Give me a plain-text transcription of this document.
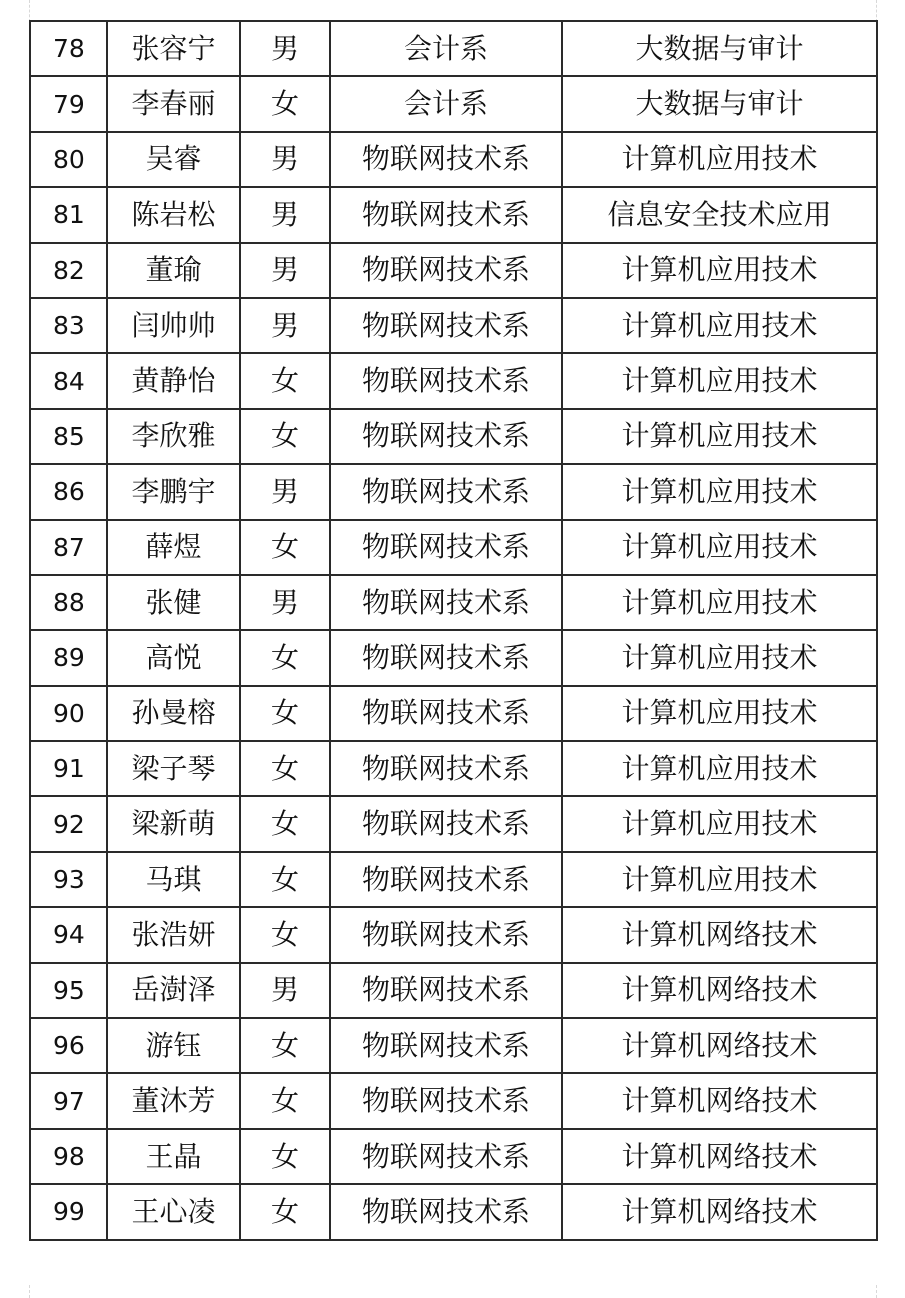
78	张容宁	男	会计系	大数据与审计
79	李春丽	女	会计系	大数据与审计
80	吴睿	男	物联网技术系	计算机应用技术
81	陈岩松	男	物联网技术系	信息安全技术应用
82	董瑜	男	物联网技术系	计算机应用技术
83	闫帅帅	男	物联网技术系	计算机应用技术
84	黄静怡	女	物联网技术系	计算机应用技术
85	李欣雅	女	物联网技术系	计算机应用技术
86	李鹏宇	男	物联网技术系	计算机应用技术
87	薛煜	女	物联网技术系	计算机应用技术
88	张健	男	物联网技术系	计算机应用技术
89	高悦	女	物联网技术系	计算机应用技术
90	孙曼榕	女	物联网技术系	计算机应用技术
91	梁子琴	女	物联网技术系	计算机应用技术
92	梁新萌	女	物联网技术系	计算机应用技术
93	马琪	女	物联网技术系	计算机应用技术
94	张浩妍	女	物联网技术系	计算机网络技术
95	岳澍泽	男	物联网技术系	计算机网络技术
96	游钰	女	物联网技术系	计算机网络技术
97	董沐芳	女	物联网技术系	计算机网络技术
98	王晶	女	物联网技术系	计算机网络技术
99	王心凌	女	物联网技术系	计算机网络技术
